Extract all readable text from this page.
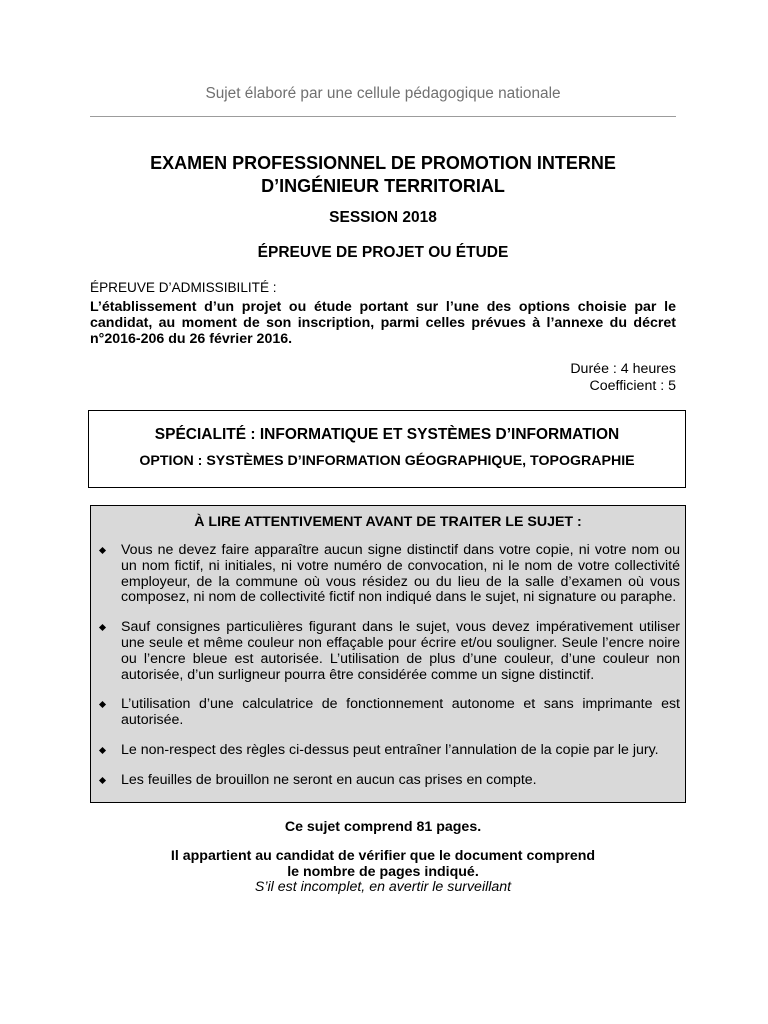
Sujet élaboré par une cellule pédagogique nationale
EXAMEN PROFESSIONNEL DE PROMOTION INTERNE
D’INGÉNIEUR TERRITORIAL
SESSION 2018
ÉPREUVE DE PROJET OU ÉTUDE
ÉPREUVE D’ADMISSIBILITÉ :
L’établissement d’un projet ou étude portant sur l’une des options choisie par le
candidat, au moment de son inscription, parmi celles prévues à l’annexe du décret
n°2016-206 du 26 février 2016.
Durée : 4 heures
Coefficient : 5
SPÉCIALITÉ : INFORMATIQUE ET SYSTÈMES D’INFORMATION
OPTION : SYSTÈMES D’INFORMATION GÉOGRAPHIQUE, TOPOGRAPHIE
À LIRE ATTENTIVEMENT AVANT DE TRAITER LE SUJET :
Vous ne devez faire apparaître aucun signe distinctif dans votre copie, ni votre nom ou
un nom fictif, ni initiales, ni votre numéro de convocation, ni le nom de votre collectivité
employeur, de la commune où vous résidez ou du lieu de la salle d’examen où vous
composez, ni nom de collectivité fictif non indiqué dans le sujet, ni signature ou paraphe.
Sauf consignes particulières figurant dans le sujet, vous devez impérativement utiliser
une seule et même couleur non effaçable pour écrire et/ou souligner. Seule l’encre noire
ou l’encre bleue est autorisée. L’utilisation de plus d’une couleur, d’une couleur non
autorisée, d’un surligneur pourra être considérée comme un signe distinctif.
L’utilisation d’une calculatrice de fonctionnement autonome et sans imprimante est
autorisée.
Le non-respect des règles ci-dessus peut entraîner l’annulation de la copie par le jury.
Les feuilles de brouillon ne seront en aucun cas prises en compte.
Ce sujet comprend 81 pages.
Il appartient au candidat de vérifier que le document comprend
le nombre de pages indiqué.
S’il est incomplet, en avertir le surveillant
